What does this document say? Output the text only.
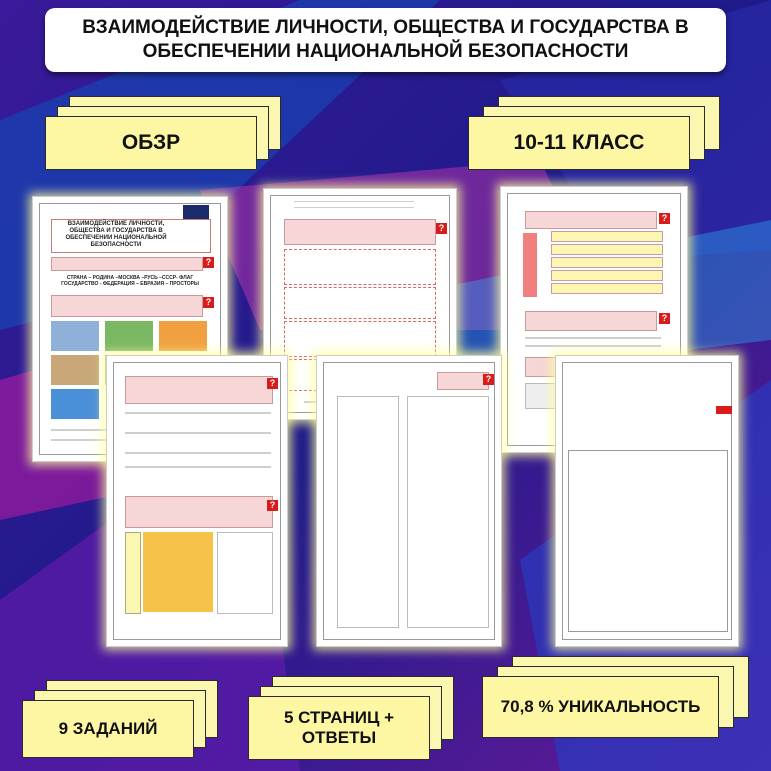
ВЗАИМОДЕЙСТВИЕ ЛИЧНОСТИ, ОБЩЕСТВА И ГОСУДАРСТВА В
ОБЕСПЕЧЕНИИ НАЦИОНАЛЬНОЙ БЕЗОПАСНОСТИ
ОБЗР	10-11 КЛАСС
ВЗАИМОДЕЙСТВИЕ ЛИЧНОСТИ, ОБЩЕСТВА И ГОСУДАРСТВА В ОБЕСПЕЧЕНИИ НАЦИОНАЛЬНОЙ БЕЗОПАСНОСТИ
?
СТРАНА – РОДИНА –МОСКВА –РУСЬ –СССР- ФЛАГ ГОСУДАРСТВО - ФЕДЕРАЦИЯ – ЕВРАЗИЯ – ПРОСТОРЫ
?
?
?
?
?
?
?
9 ЗАДАНИЙ
5 СТРАНИЦ +
ОТВЕТЫ
70,8 % УНИКАЛЬНОСТЬ
